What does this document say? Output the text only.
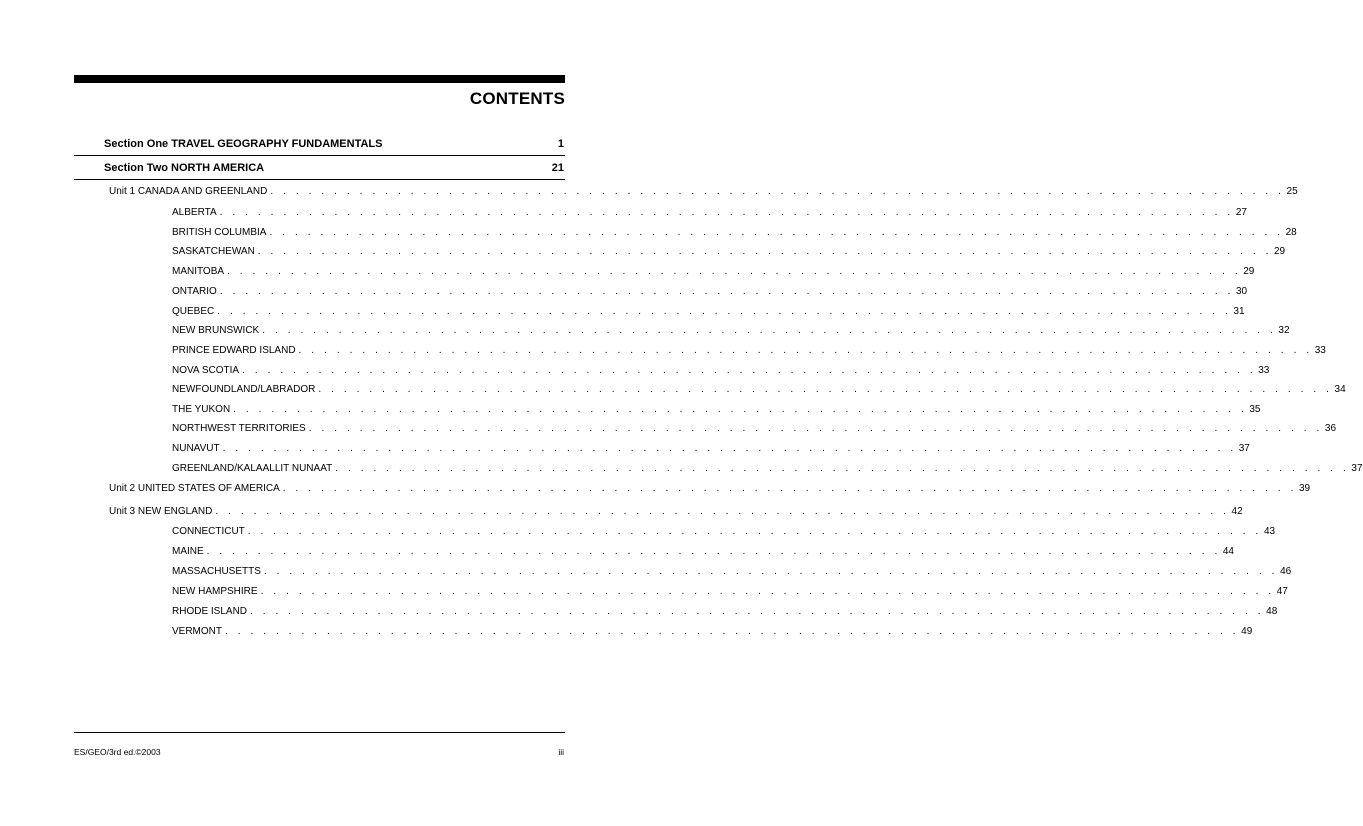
CONTENTS
Section One TRAVEL GEOGRAPHY FUNDAMENTALS	1
Section Two NORTH AMERICA	21
Unit 1 CANADA AND GREENLAND . . . . . . . . . . . . . . . . . . . . . . . . . . . . . . . . . . . . . . . . . . . . . . . . . . . . . . . . . . . . . . . . . . . . . . . . . . . . . . . . 25
ALBERTA . . . . . . . . . . . . . . . . . . . . . . . . . . . . . . . . . . . . . . . . . . . . . . . . . . . . . . . . . . . . . . . . . . . . . . . . . . . . . . . . 27
BRITISH COLUMBIA . . . . . . . . . . . . . . . . . . . . . . . . . . . . . . . . . . . . . . . . . . . . . . . . . . . . . . . . . . . . . . . . . . . . . . . . . . . . . . . . 28
SASKATCHEWAN . . . . . . . . . . . . . . . . . . . . . . . . . . . . . . . . . . . . . . . . . . . . . . . . . . . . . . . . . . . . . . . . . . . . . . . . . . . . . . . . 29
MANITOBA . . . . . . . . . . . . . . . . . . . . . . . . . . . . . . . . . . . . . . . . . . . . . . . . . . . . . . . . . . . . . . . . . . . . . . . . . . . . . . . . 29
ONTARIO . . . . . . . . . . . . . . . . . . . . . . . . . . . . . . . . . . . . . . . . . . . . . . . . . . . . . . . . . . . . . . . . . . . . . . . . . . . . . . . . 30
QUEBEC . . . . . . . . . . . . . . . . . . . . . . . . . . . . . . . . . . . . . . . . . . . . . . . . . . . . . . . . . . . . . . . . . . . . . . . . . . . . . . . . 31
NEW BRUNSWICK . . . . . . . . . . . . . . . . . . . . . . . . . . . . . . . . . . . . . . . . . . . . . . . . . . . . . . . . . . . . . . . . . . . . . . . . . . . . . . . . 32
PRINCE EDWARD ISLAND . . . . . . . . . . . . . . . . . . . . . . . . . . . . . . . . . . . . . . . . . . . . . . . . . . . . . . . . . . . . . . . . . . . . . . . . . . . . . . . . 33
NOVA SCOTIA . . . . . . . . . . . . . . . . . . . . . . . . . . . . . . . . . . . . . . . . . . . . . . . . . . . . . . . . . . . . . . . . . . . . . . . . . . . . . . . . 33
NEWFOUNDLAND/LABRADOR . . . . . . . . . . . . . . . . . . . . . . . . . . . . . . . . . . . . . . . . . . . . . . . . . . . . . . . . . . . . . . . . . . . . . . . . . . . . . . . . 34
THE YUKON . . . . . . . . . . . . . . . . . . . . . . . . . . . . . . . . . . . . . . . . . . . . . . . . . . . . . . . . . . . . . . . . . . . . . . . . . . . . . . . . 35
NORTHWEST TERRITORIES . . . . . . . . . . . . . . . . . . . . . . . . . . . . . . . . . . . . . . . . . . . . . . . . . . . . . . . . . . . . . . . . . . . . . . . . . . . . . . . . 36
NUNAVUT . . . . . . . . . . . . . . . . . . . . . . . . . . . . . . . . . . . . . . . . . . . . . . . . . . . . . . . . . . . . . . . . . . . . . . . . . . . . . . . . 37
GREENLAND/KALAALLIT NUNAAT . . . . . . . . . . . . . . . . . . . . . . . . . . . . . . . . . . . . . . . . . . . . . . . . . . . . . . . . . . . . . . . . . . . . . . . . . . . . . . . . 37
Unit 2 UNITED STATES OF AMERICA . . . . . . . . . . . . . . . . . . . . . . . . . . . . . . . . . . . . . . . . . . . . . . . . . . . . . . . . . . . . . . . . . . . . . . . . . . . . . . . . 39
Unit 3 NEW ENGLAND . . . . . . . . . . . . . . . . . . . . . . . . . . . . . . . . . . . . . . . . . . . . . . . . . . . . . . . . . . . . . . . . . . . . . . . . . . . . . . . . 42
CONNECTICUT . . . . . . . . . . . . . . . . . . . . . . . . . . . . . . . . . . . . . . . . . . . . . . . . . . . . . . . . . . . . . . . . . . . . . . . . . . . . . . . . 43
MAINE . . . . . . . . . . . . . . . . . . . . . . . . . . . . . . . . . . . . . . . . . . . . . . . . . . . . . . . . . . . . . . . . . . . . . . . . . . . . . . . . 44
MASSACHUSETTS . . . . . . . . . . . . . . . . . . . . . . . . . . . . . . . . . . . . . . . . . . . . . . . . . . . . . . . . . . . . . . . . . . . . . . . . . . . . . . . . 46
NEW HAMPSHIRE . . . . . . . . . . . . . . . . . . . . . . . . . . . . . . . . . . . . . . . . . . . . . . . . . . . . . . . . . . . . . . . . . . . . . . . . . . . . . . . . 47
RHODE ISLAND . . . . . . . . . . . . . . . . . . . . . . . . . . . . . . . . . . . . . . . . . . . . . . . . . . . . . . . . . . . . . . . . . . . . . . . . . . . . . . . . 48
VERMONT . . . . . . . . . . . . . . . . . . . . . . . . . . . . . . . . . . . . . . . . . . . . . . . . . . . . . . . . . . . . . . . . . . . . . . . . . . . . . . . . 49
ES/GEO/3rd ed.©2003	iii
